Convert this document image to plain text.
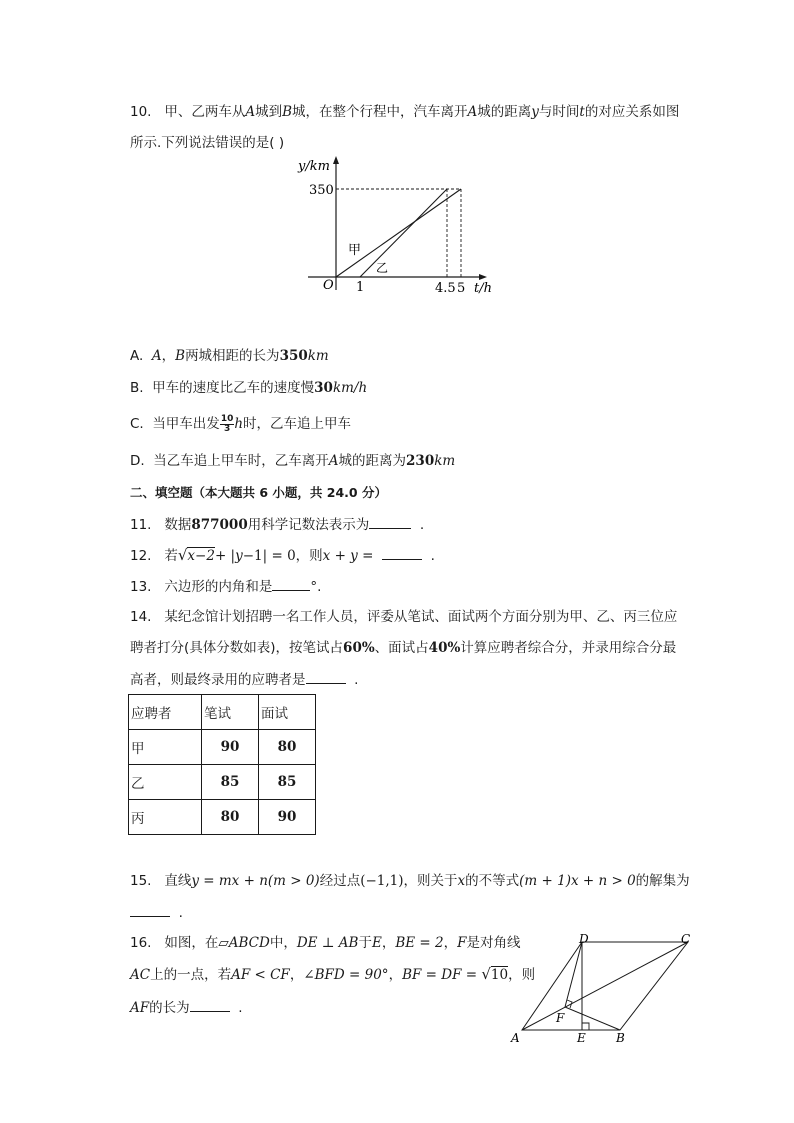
10. 甲、乙两车从A城到B城，在整个行程中，汽车离开A城的距离y与时间t的对应关系如图
所示.下列说法错误的是( )
y/km
350
O 1	4.5 5 t/h
甲
乙
A. A，B两城相距的长为350km
B. 甲车的速度比乙车的速度慢30km/h
C. 当甲车出发 $\frac{10}{3}$ h时，乙车追上甲车
D. 当乙车追上甲车时，乙车离开A城的距离为230km
二、填空题（本大题共 6 小题，共 24.0 分）
11. 数据877000用科学记数法表示为	.
12. 若√x−2+ |y−1| = 0，则x + y =	.
13. 六边形的内角和是	°.
14. 某纪念馆计划招聘一名工作人员，评委从笔试、面试两个方面分别为甲、乙、丙三位应
聘者打分(具体分数如表)，按笔试占60%、面试占40%计算应聘者综合分，并录用综合分最
高者，则最终录用的应聘者是	.
应聘者	笔试	面试
甲	90	80
乙	85	85
丙	80	90
15. 直线y = mx + n(m > 0)经过点(−1,1)，则关于x的不等式(m + 1)x + n > 0的解集为
.
16. 如图，在▱ABCD中，DE ⊥ AB于E，BE = 2，F是对角线
AC上的一点，若AF < CF，∠BFD = 90°，BF = DF = √10，则
AF的长为	.
A	B
C
D
E
F
